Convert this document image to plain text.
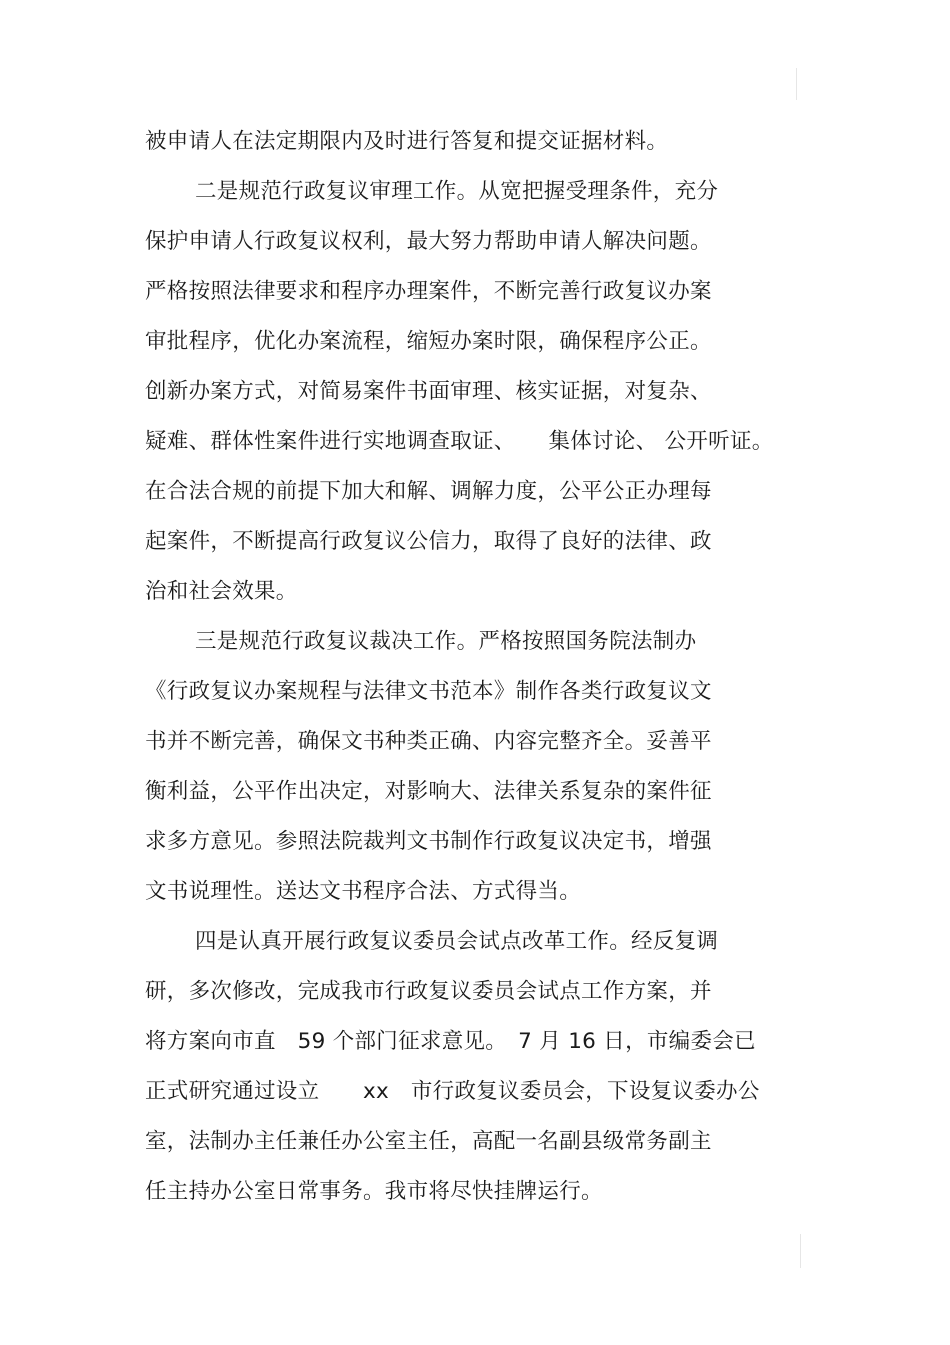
被申请人在法定期限内及时进行答复和提交证据材料。
二是规范行政复议审理工作。从宽把握受理条件，充分
保护申请人行政复议权利，最大努力帮助申请人解决问题。
严格按照法律要求和程序办理案件，不断完善行政复议办案
审批程序，优化办案流程，缩短办案时限，确保程序公正。
创新办案方式，对简易案件书面审理、核实证据，对复杂、
疑难、群体性案件进行实地调查取证、　　集体讨论、 公开听证。
在合法合规的前提下加大和解、调解力度，公平公正办理每
起案件，不断提高行政复议公信力，取得了良好的法律、政
治和社会效果。
三是规范行政复议裁决工作。严格按照国务院法制办
《行政复议办案规程与法律文书范本》制作各类行政复议文
书并不断完善，确保文书种类正确、内容完整齐全。妥善平
衡利益，公平作出决定，对影响大、法律关系复杂的案件征
求多方意见。参照法院裁判文书制作行政复议决定书，增强
文书说理性。送达文书程序合法、方式得当。
四是认真开展行政复议委员会试点改革工作。经反复调
研，多次修改，完成我市行政复议委员会试点工作方案，并
将方案向市直　59 个部门征求意见。　7 月 16 日，市编委会已
正式研究通过设立　　xx　市行政复议委员会，下设复议委办公
室，法制办主任兼任办公室主任，高配一名副县级常务副主
任主持办公室日常事务。我市将尽快挂牌运行。
